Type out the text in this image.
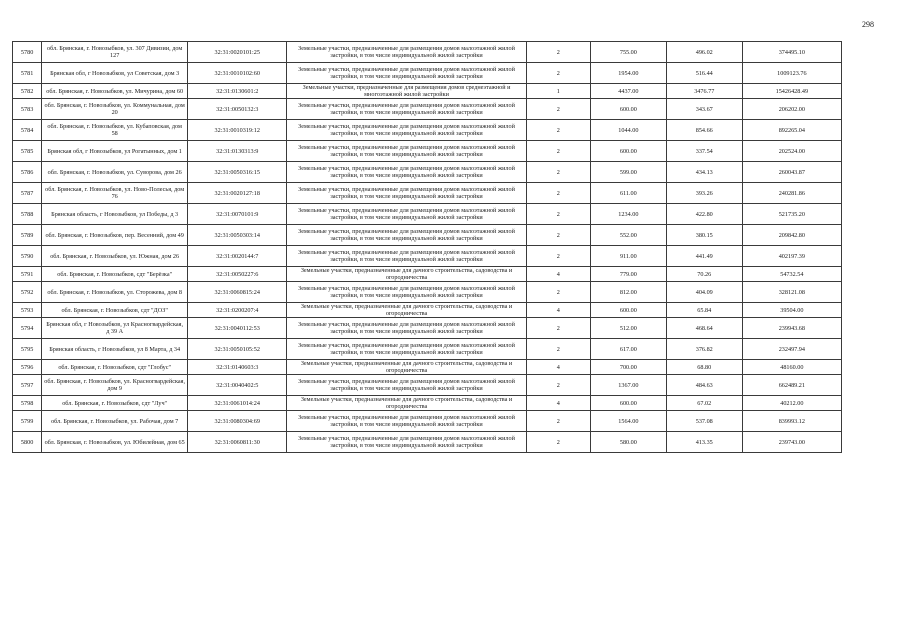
298
5780	обл. Брянская, г. Новозыбков, ул. 307 Дивизии, дом 127	32:31:0020101:25	Земельные участки, предназначенные для размещения домов малоэтажной жилой застройки, в том числе индивидуальной жилой застройки	2	755.00	496.02	374495.10
5781	Брянская обл, г Новозыбков, ул Советская, дом 3	32:31:0010102:60	Земельные участки, предназначенные для размещения домов малоэтажной жилой застройки, в том числе индивидуальной жилой застройки	2	1954.00	516.44	1009123.76
5782	обл. Брянская, г. Новозыбков, ул. Мичурина, дом 60	32:31:0130601:2	Земельные участки, предназначенные для размещения домов среднеэтажной и многоэтажной жилой застройки	1	4437.00	3476.77	15426428.49
5783	обл. Брянская, г. Новозыбков, ул. Коммунальная, дом 20	32:31:0050132:3	Земельные участки, предназначенные для размещения домов малоэтажной жилой застройки, в том числе индивидуальной жилой застройки	2	600.00	343.67	206202.00
5784	обл. Брянская, г. Новозыбков, ул. Кубаповская, дом 58	32:31:0010319:12	Земельные участки, предназначенные для размещения домов малоэтажной жилой застройки, в том числе индивидуальной жилой застройки	2	1044.00	854.66	892265.04
5785	Брянская обл, г Новозыбков, ул Рогатынных, дом 1	32:31:0130313:9	Земельные участки, предназначенные для размещения домов малоэтажной жилой застройки, в том числе индивидуальной жилой застройки	2	600.00	337.54	202524.00
5786	обл. Брянская, г. Новозыбков, ул. Суворова, дом 26	32:31:0050316:15	Земельные участки, предназначенные для размещения домов малоэтажной жилой застройки, в том числе индивидуальной жилой застройки	2	599.00	434.13	260043.87
5787	обл. Брянская, г. Новозыбков, ул. Ново-Полесья, дом 76	32:31:0020127:18	Земельные участки, предназначенные для размещения домов малоэтажной жилой застройки, в том числе индивидуальной жилой застройки	2	611.00	393.26	240281.86
5788	Брянская область, г Новозыбков, ул Победы, д 3	32:31:0070101:9	Земельные участки, предназначенные для размещения домов малоэтажной жилой застройки, в том числе индивидуальной жилой застройки	2	1234.00	422.80	521735.20
5789	обл. Брянская, г. Новозыбков, пер. Весенний, дом 49	32:31:0050303:14	Земельные участки, предназначенные для размещения домов малоэтажной жилой застройки, в том числе индивидуальной жилой застройки	2	552.00	380.15	209842.80
5790	обл. Брянская, г. Новозыбков, ул. Южная, дом 26	32:31:0020144:7	Земельные участки, предназначенные для размещения домов малоэтажной жилой застройки, в том числе индивидуальной жилой застройки	2	911.00	441.49	402197.39
5791	обл. Брянская, г. Новозыбков, сдт "Берёзка"	32:31:0050227:6	Земельные участки, предназначенные для дачного строительства, садоводства и огородничества	4	779.00	70.26	54732.54
5792	обл. Брянская, г. Новозыбков, ул. Сторожева, дом 8	32:31:0060815:24	Земельные участки, предназначенные для размещения домов малоэтажной жилой застройки, в том числе индивидуальной жилой застройки	2	812.00	404.09	328121.08
5793	обл. Брянская, г. Новозыбков, сдт "ДОЗ"	32:31:0200207:4	Земельные участки, предназначенные для дачного строительства, садоводства и огородничества	4	600.00	65.84	39504.00
5794	Брянская обл, г Новозыбков, ул Красногвардейская, д 39 А	32:31:0040112:53	Земельные участки, предназначенные для размещения домов малоэтажной жилой застройки, в том числе индивидуальной жилой застройки	2	512.00	468.64	239943.68
5795	Брянская область, г Новозыбков, ул 8 Марта, д 34	32:31:0050105:52	Земельные участки, предназначенные для размещения домов малоэтажной жилой застройки, в том числе индивидуальной жилой застройки	2	617.00	376.82	232497.94
5796	обл. Брянская, г. Новозыбков, сдт "Глобус"	32:31:0140603:3	Земельные участки, предназначенные для дачного строительства, садоводства и огородничества	4	700.00	68.80	48160.00
5797	обл. Брянская, г. Новозыбков, ул. Красногвардейская, дом 9	32:31:0040402:5	Земельные участки, предназначенные для размещения домов малоэтажной жилой застройки, в том числе индивидуальной жилой застройки	2	1367.00	484.63	662489.21
5798	обл. Брянская, г. Новозыбков, сдт "Луч"	32:31:0061014:24	Земельные участки, предназначенные для дачного строительства, садоводства и огородничества	4	600.00	67.02	40212.00
5799	обл. Брянская, г. Новозыбков, ул. Рабочая, дом 7	32:31:0080304:69	Земельные участки, предназначенные для размещения домов малоэтажной жилой застройки, в том числе индивидуальной жилой застройки	2	1564.00	537.08	839993.12
5800	обл. Брянская, г. Новозыбков, ул. Юбилейная, дом 65	32:31:0060811:30	Земельные участки, предназначенные для размещения домов малоэтажной жилой застройки, в том числе индивидуальной жилой застройки	2	580.00	413.35	239743.00
